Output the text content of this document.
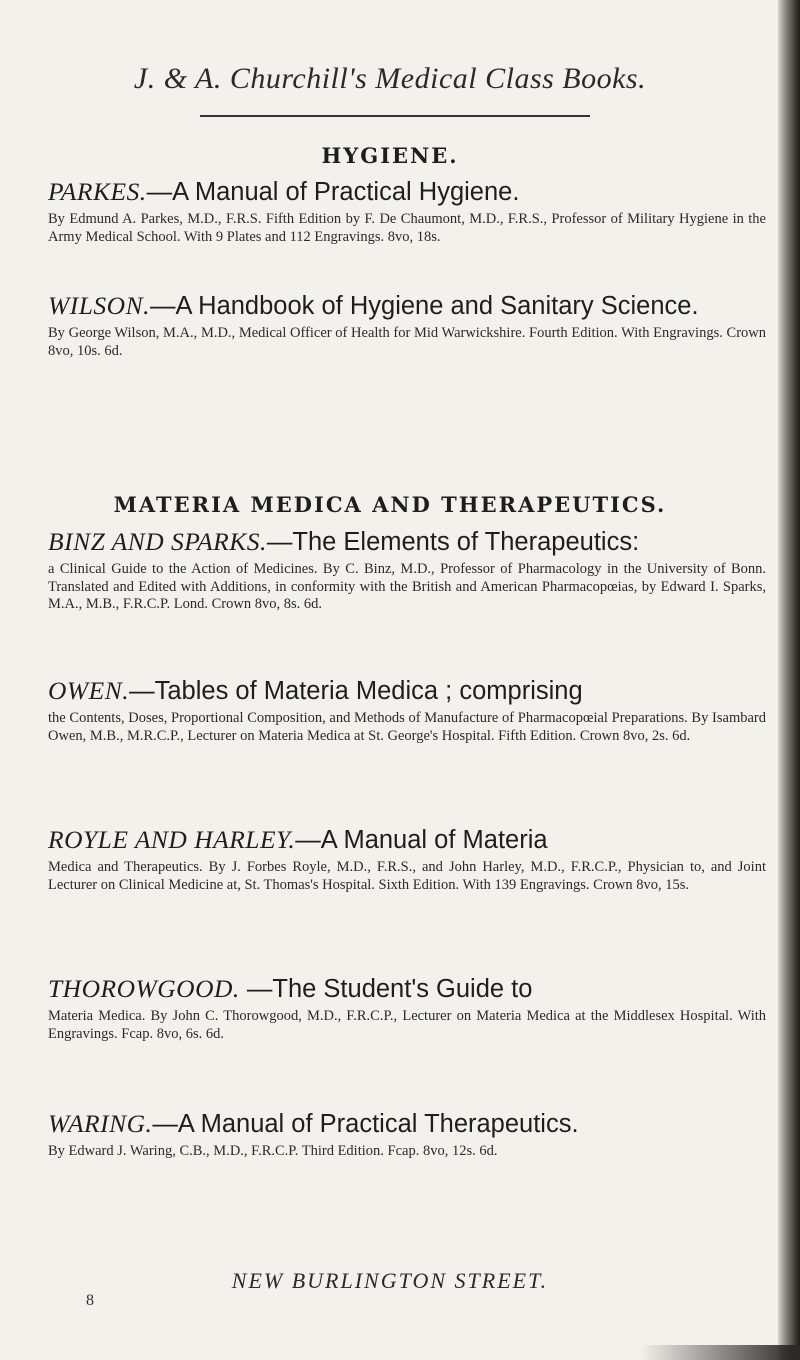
J. & A. Churchill's Medical Class Books.
HYGIENE.
PARKES.—A Manual of Practical Hygiene.
By Edmund A. Parkes, M.D., F.R.S. Fifth Edition by F. De Chaumont, M.D., F.R.S., Professor of Military Hygiene in the Army Medical School. With 9 Plates and 112 Engravings. 8vo, 18s.
WILSON.—A Handbook of Hygiene and Sanitary Science.
By George Wilson, M.A., M.D., Medical Officer of Health for Mid Warwickshire. Fourth Edition. With Engravings. Crown 8vo, 10s. 6d.
MATERIA MEDICA AND THERAPEUTICS.
BINZ AND SPARKS.—The Elements of Therapeutics:
a Clinical Guide to the Action of Medicines. By C. Binz, M.D., Professor of Pharmacology in the University of Bonn. Translated and Edited with Additions, in conformity with the British and American Pharmacopœias, by Edward I. Sparks, M.A., M.B., F.R.C.P. Lond. Crown 8vo, 8s. 6d.
OWEN.—Tables of Materia Medica ; comprising
the Contents, Doses, Proportional Composition, and Methods of Manufacture of Pharmacopœial Preparations. By Isambard Owen, M.B., M.R.C.P., Lecturer on Materia Medica at St. George's Hospital. Fifth Edition. Crown 8vo, 2s. 6d.
ROYLE AND HARLEY.—A Manual of Materia
Medica and Therapeutics. By J. Forbes Royle, M.D., F.R.S., and John Harley, M.D., F.R.C.P., Physician to, and Joint Lecturer on Clinical Medicine at, St. Thomas's Hospital. Sixth Edition. With 139 Engravings. Crown 8vo, 15s.
THOROWGOOD. —The Student's Guide to
Materia Medica. By John C. Thorowgood, M.D., F.R.C.P., Lecturer on Materia Medica at the Middlesex Hospital. With Engravings. Fcap. 8vo, 6s. 6d.
WARING.—A Manual of Practical Therapeutics.
By Edward J. Waring, C.B., M.D., F.R.C.P. Third Edition. Fcap. 8vo, 12s. 6d.
NEW BURLINGTON STREET.
8
